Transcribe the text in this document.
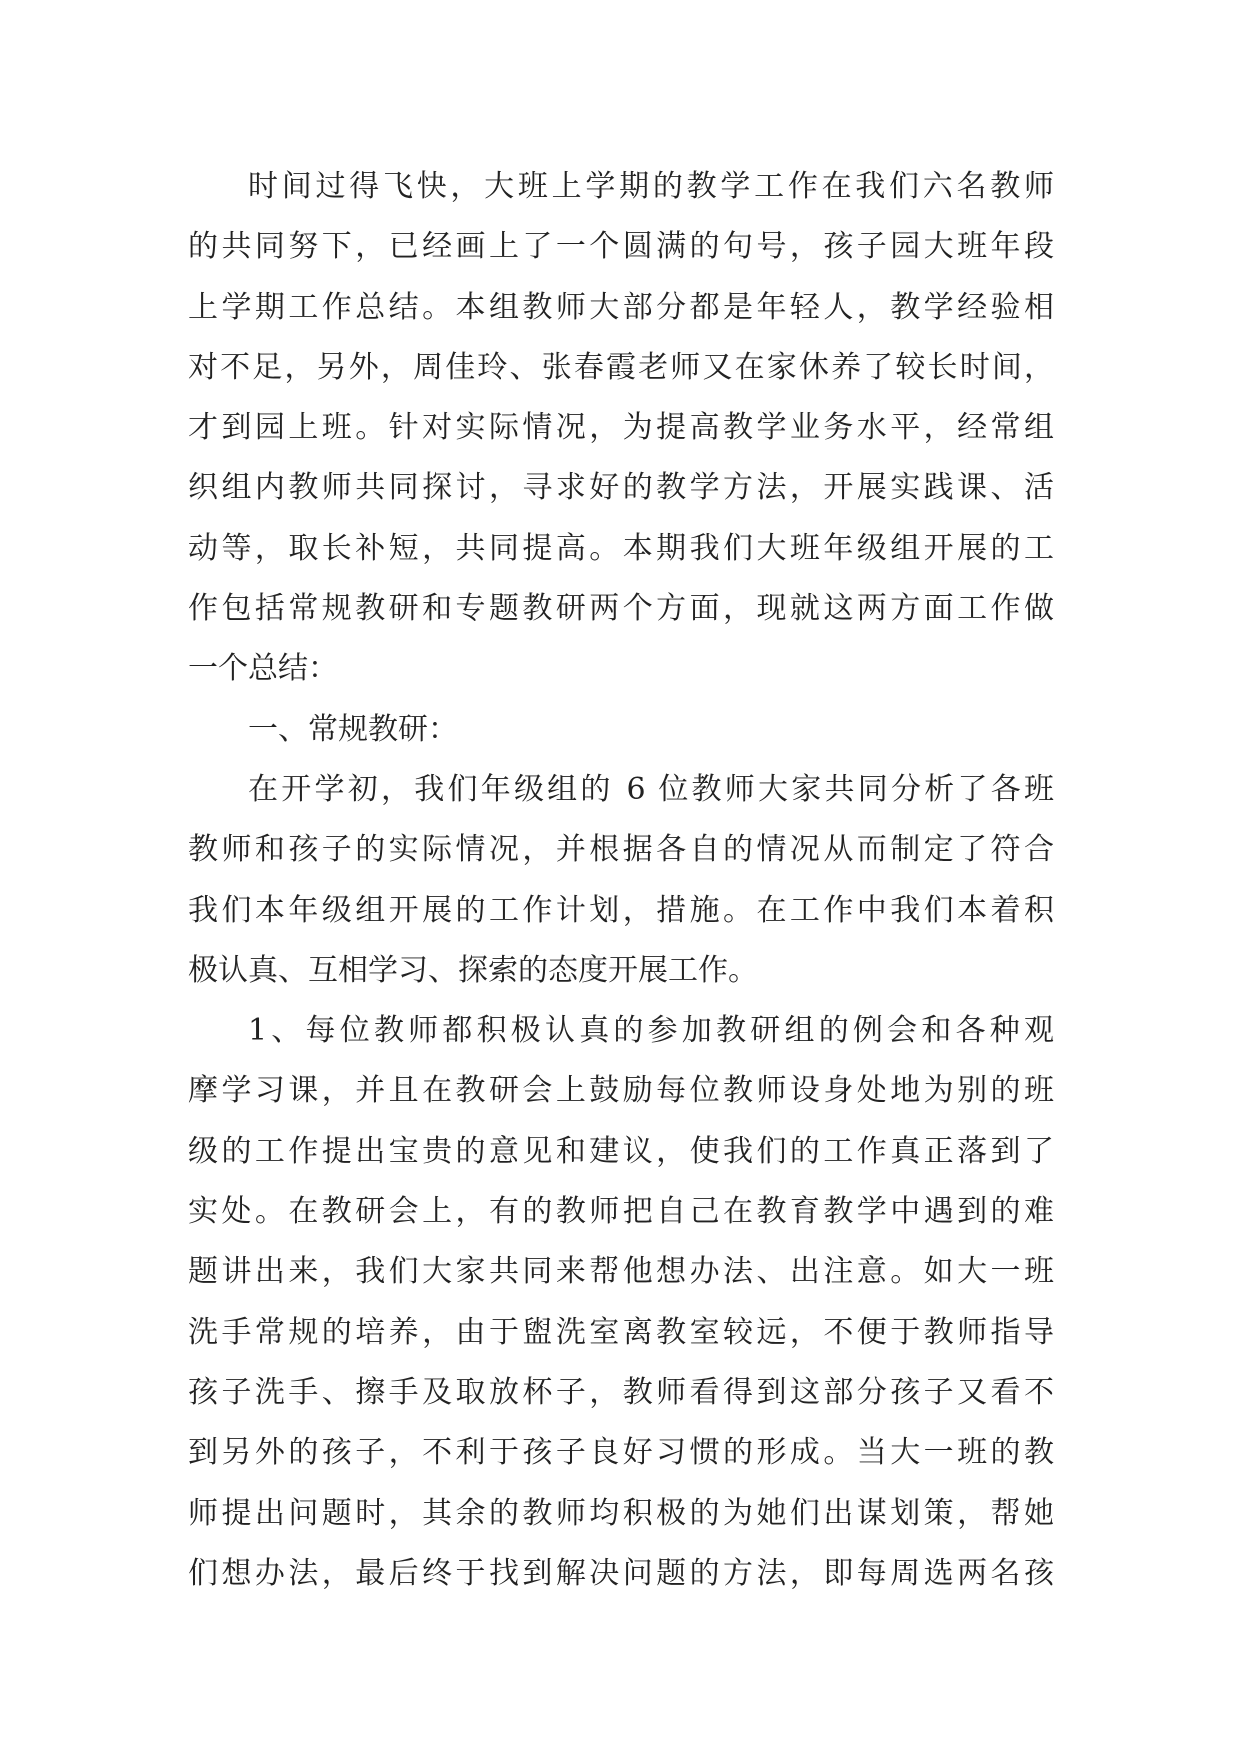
时间过得飞快，大班上学期的教学工作在我们六名教师
的共同努下，已经画上了一个圆满的句号，孩子园大班年段
上学期工作总结。本组教师大部分都是年轻人，教学经验相
对不足，另外，周佳玲、张春霞老师又在家休养了较长时间，
才到园上班。针对实际情况，为提高教学业务水平，经常组
织组内教师共同探讨，寻求好的教学方法，开展实践课、活
动等，取长补短，共同提高。本期我们大班年级组开展的工
作包括常规教研和专题教研两个方面，现就这两方面工作做
一个总结：
一、常规教研：
在开学初，我们年级组的 6 位教师大家共同分析了各班
教师和孩子的实际情况，并根据各自的情况从而制定了符合
我们本年级组开展的工作计划，措施。在工作中我们本着积
极认真、互相学习、探索的态度开展工作。
1、每位教师都积极认真的参加教研组的例会和各种观
摩学习课，并且在教研会上鼓励每位教师设身处地为别的班
级的工作提出宝贵的意见和建议，使我们的工作真正落到了
实处。在教研会上，有的教师把自己在教育教学中遇到的难
题讲出来，我们大家共同来帮他想办法、出注意。如大一班
洗手常规的培养，由于盥洗室离教室较远，不便于教师指导
孩子洗手、擦手及取放杯子，教师看得到这部分孩子又看不
到另外的孩子，不利于孩子良好习惯的形成。当大一班的教
师提出问题时，其余的教师均积极的为她们出谋划策，帮她
们想办法，最后终于找到解决问题的方法，即每周选两名孩
